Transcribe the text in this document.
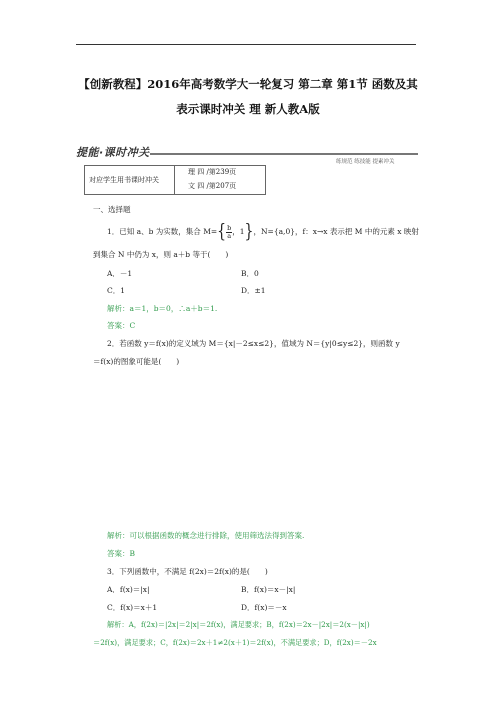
【创新教程】2016年高考数学大一轮复习 第二章 第1节 函数及其
表示课时冲关 理 新人教A版
提能·课时冲关
练规范 练技能 提素冲关
对应学生用书课时冲关
理 四 /第239页
文 四 /第207页
一、选择题
1．已知 a、b 为实数，集合 $M=\{ \frac{b}{a}$ ，1}，N={a,0}，f：x→x 表示把 M 中的元素 x 映射
到集合 N 中仍为 x，则 a＋b 等于(　　)
A．－1	B．0
C．1	D．±1
解析：a＝1，b＝0，∴a＋b＝1.
答案：C
2．若函数 y＝f(x)的定义域为 M＝{x|－2≤x≤2}，值域为 N＝{y|0≤y≤2}，则函数 y
＝f(x)的图象可能是(　　)
解析：可以根据函数的概念进行排除，使用筛选法得到答案.
答案：B
3．下列函数中，不满足 f(2x)＝2f(x)的是(　　)
A．f(x)＝|x|	B．f(x)＝x－|x|
C．f(x)＝x＋1	D．f(x)＝－x
解析：A，f(2x)＝|2x|＝2|x|＝2f(x)，满足要求；B，f(2x)＝2x－|2x|＝2(x－|x|)
＝2f(x)，满足要求；C，f(2x)＝2x＋1≠2(x＋1)＝2f(x)，不满足要求；D，f(2x)＝－2x
